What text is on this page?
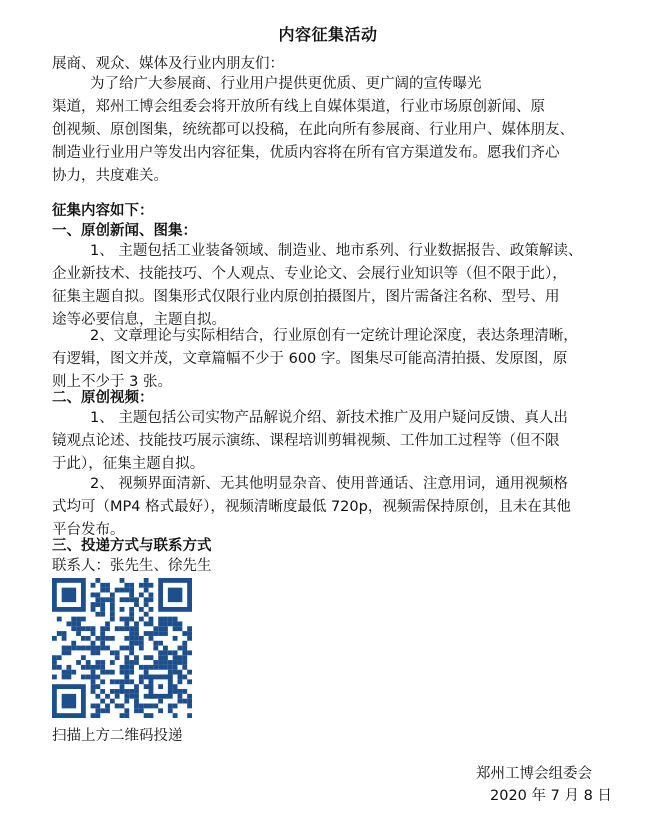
内容征集活动
展商、观众、媒体及行业内朋友们：
为了给广大参展商、行业用户提供更优质、更广阔的宣传曝光
渠道，郑州工博会组委会将开放所有线上自媒体渠道，行业市场原创新闻、原
创视频、原创图集，统统都可以投稿，在此向所有参展商、行业用户、媒体朋友、
制造业行业用户等发出内容征集，优质内容将在所有官方渠道发布。愿我们齐心
协力，共度难关。
征集内容如下：
一、原创新闻、图集：
1、 主题包括工业装备领域、制造业、地市系列、行业数据报告、政策解读、
企业新技术、技能技巧、个人观点、专业论文、会展行业知识等（但不限于此），
征集主题自拟。图集形式仅限行业内原创拍摄图片，图片需备注名称、型号、用
途等必要信息，主题自拟。
2、文章理论与实际相结合，行业原创有一定统计理论深度，表达条理清晰，
有逻辑，图文并茂，文章篇幅不少于 600 字。图集尽可能高清拍摄、发原图，原
则上不少于 3 张。
二、原创视频：
1、 主题包括公司实物产品解说介绍、新技术推广及用户疑问反馈、真人出
镜观点论述、技能技巧展示演练、课程培训剪辑视频、工件加工过程等（但不限
于此），征集主题自拟。
2、 视频界面清新、无其他明显杂音、使用普通话、注意用词，通用视频格
式均可（MP4 格式最好），视频清晰度最低 720p，视频需保持原创，且未在其他
平台发布。
三、投递方式与联系方式
联系人：张先生、徐先生
扫描上方二维码投递
郑州工博会组委会
2020 年 7 月 8 日
